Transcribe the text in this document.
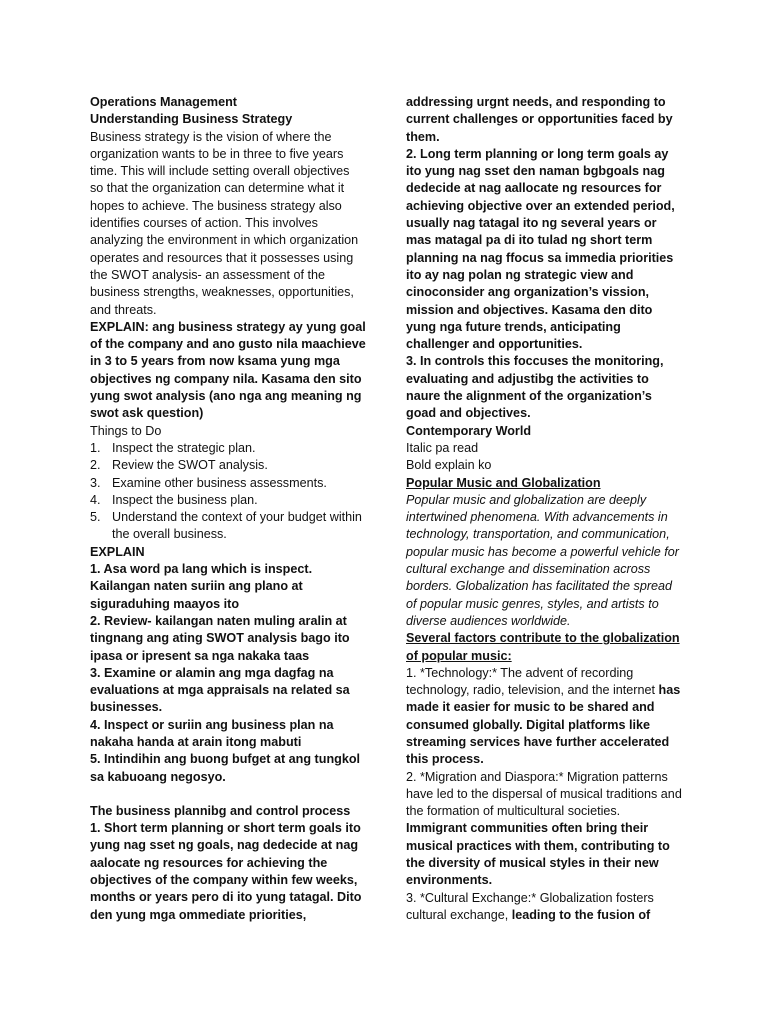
Operations Management

Understanding Business Strategy

Business strategy is the vision of where the organization wants to be in three to five years time. This will include setting overall objectives so that the organization can determine what it hopes to achieve. The business strategy also identifies courses of action. This involves analyzing the environment in which organization operates and resources that it possesses using the SWOT analysis- an assessment of the business strengths, weaknesses, opportunities, and threats.

EXPLAIN: ang business strategy ay yung goal of the company and ano gusto nila maachieve in 3 to 5 years from now ksama yung mga objectives ng company nila. Kasama den sito yung swot analysis (ano nga ang meaning ng swot ask question)

Things to Do

1. Inspect the strategic plan.
2. Review the SWOT analysis.
3. Examine other business assessments.
4. Inspect the business plan.
5. Understand the context of your budget within the overall business.

EXPLAIN

1. Asa word pa lang which is inspect. Kailangan naten suriin ang plano at siguraduhing maayos ito

2. Review- kailangan naten muling aralin at tingnang ang ating SWOT analysis bago ito ipasa or ipresent sa nga nakaka taas

3. Examine or alamin ang mga dagfag na evaluations at mga appraisals na related sa businesses.

4. Inspect or suriin ang business plan na nakaha handa at arain itong mabuti

5. Intindihin ang buong bufget at ang tungkol sa kabuoang negosyo.

The business plannibg and control process

1. Short term planning or short term goals ito yung nag sset ng goals, nag dedecide at nag aalocate ng resources for achieving the objectives of the company within few weeks, months or years pero di ito yung tatagal. Dito den yung mga ommediate priorities,

addressing urgnt needs, and responding to current challenges or opportunities faced by them.

2. Long term planning or long term goals ay ito yung nag sset den naman bgbgoals nag dedecide at nag aallocate ng resources for achieving objective over an extended period, usually nag tatagal ito ng several years or mas matagal pa di ito tulad ng short term planning na nag ffocus sa immedia priorities ito ay nag polan ng strategic view and cinoconsider ang organization’s vission, mission and objectives. Kasama den dito yung nga future trends, anticipating challenger and opportunities.

3. In controls this foccuses the monitoring, evaluating and adjustibg the activities to naure the alignment of the organization’s goad and objectives.

Contemporary World

Italic pa read

Bold explain ko

Popular Music and Globalization

Popular music and globalization are deeply intertwined phenomena. With advancements in technology, transportation, and communication, popular music has become a powerful vehicle for cultural exchange and dissemination across borders. Globalization has facilitated the spread of popular music genres, styles, and artists to diverse audiences worldwide.

Several factors contribute to the globalization of popular music:

1. *Technology:* The advent of recording technology, radio, television, and the internet has made it easier for music to be shared and consumed globally. Digital platforms like streaming services have further accelerated this process.

2. *Migration and Diaspora:* Migration patterns have led to the dispersal of musical traditions and the formation of multicultural societies. Immigrant communities often bring their musical practices with them, contributing to the diversity of musical styles in their new environments.

3. *Cultural Exchange:* Globalization fosters cultural exchange, leading to the fusion of
